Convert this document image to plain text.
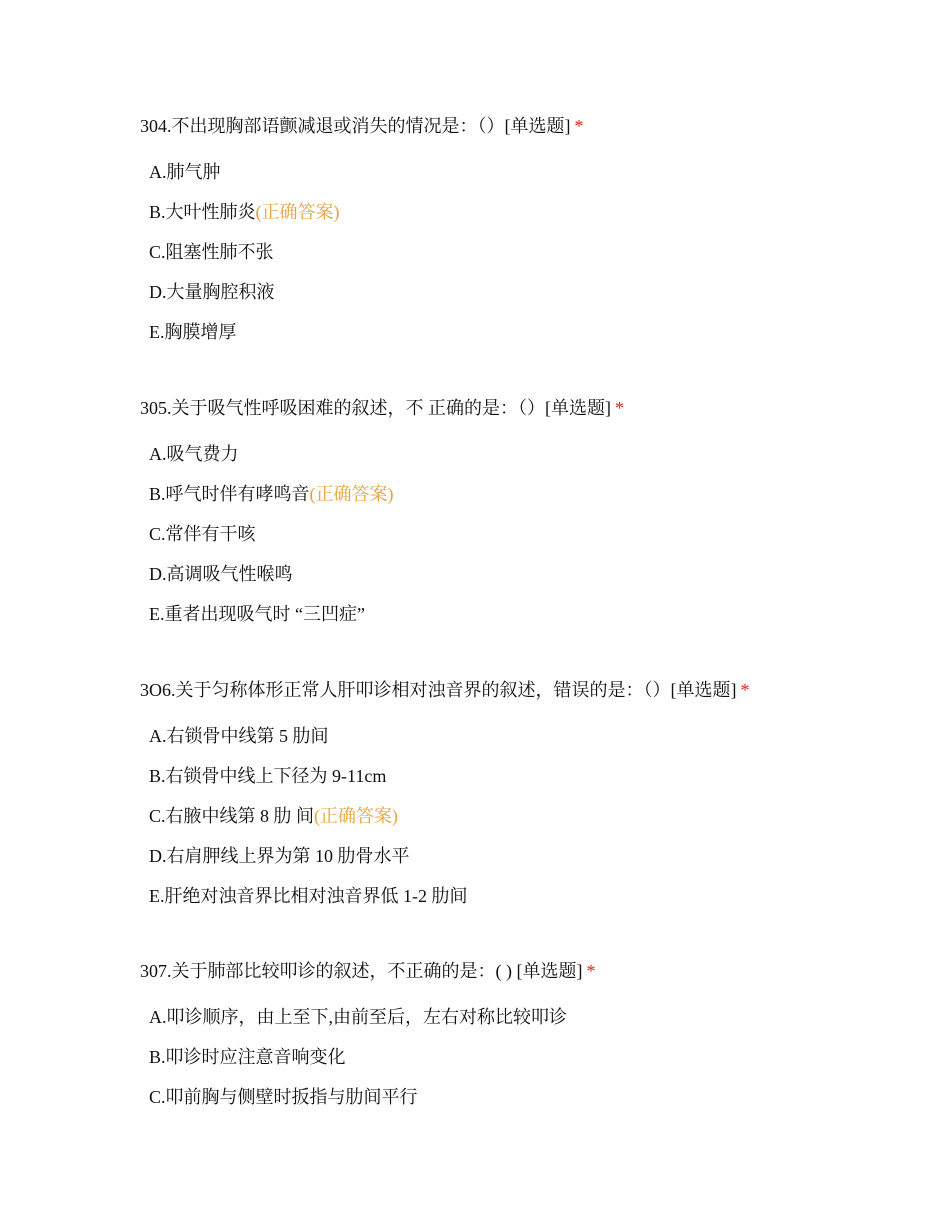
304.不出现胸部语颤减退或消失的情况是：（）[单选题] *
A.肺气肿
B.大叶性肺炎(正确答案)
C.阻塞性肺不张
D.大量胸腔积液
E.胸膜增厚
305.关于吸气性呼吸困难的叙述，不 正确的是：（）[单选题] *
A.吸气费力
B.呼气时伴有哮鸣音(正确答案)
C.常伴有干咳
D.高调吸气性喉鸣
E.重者出现吸气时 “三凹症”
3O6.关于匀称体形正常人肝叩诊相对浊音界的叙述，错误的是：（）[单选题] *
A.右锁骨中线第 5 肋间
B.右锁骨中线上下径为 9-11cm
C.右腋中线第 8 肋 间(正确答案)
D.右肩胛线上界为第 10 肋骨水平
E.肝绝对浊音界比相对浊音界低 1-2 肋间
307.关于肺部比较叩诊的叙述，不正确的是：( ) [单选题] *
A.叩诊顺序，由上至下,由前至后，左右对称比较叩诊
B.叩诊时应注意音响变化
C.叩前胸与侧壁时扳指与肋间平行
